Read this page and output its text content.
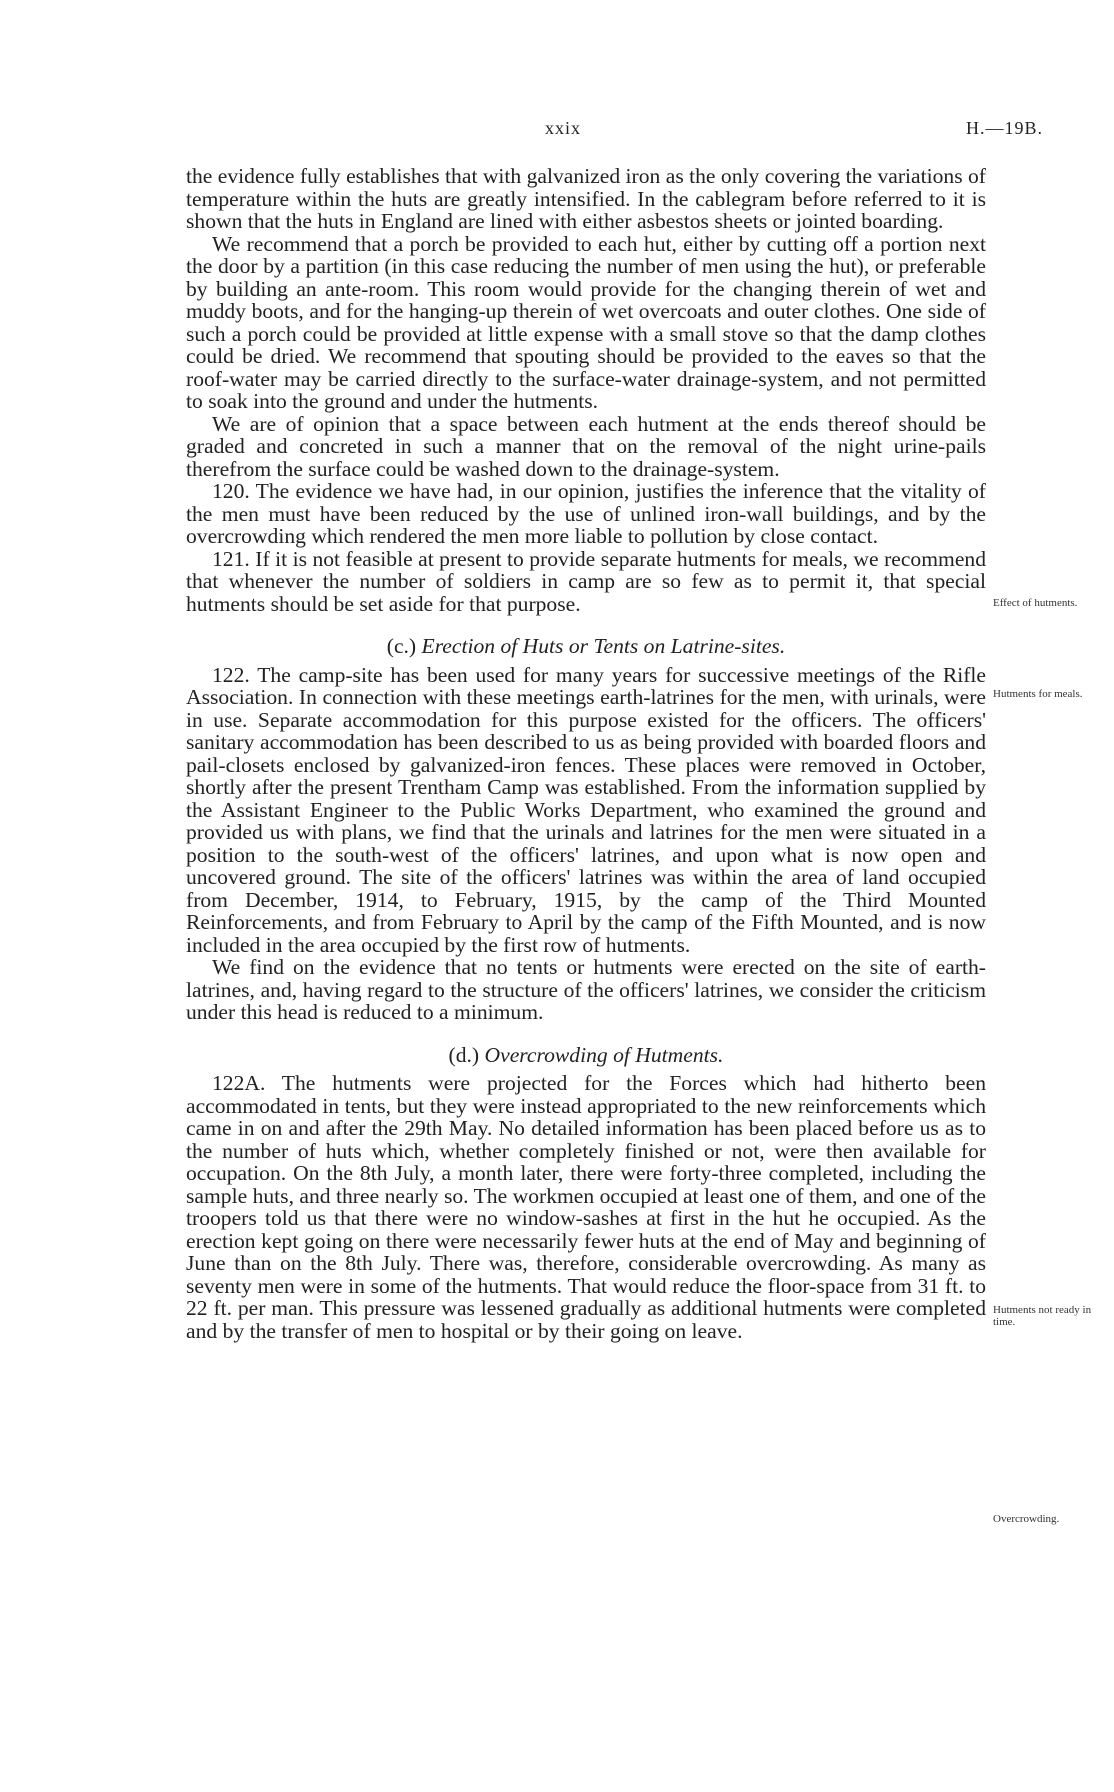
xxix	H.—19B.

the evidence fully establishes that with galvanized iron as the only covering the variations of temperature within the huts are greatly intensified. In the cablegram before referred to it is shown that the huts in England are lined with either asbestos sheets or jointed boarding.

We recommend that a porch be provided to each hut, either by cutting off a portion next the door by a partition (in this case reducing the number of men using the hut), or preferable by building an ante-room. This room would provide for the changing therein of wet and muddy boots, and for the hanging-up therein of wet overcoats and outer clothes. One side of such a porch could be provided at little expense with a small stove so that the damp clothes could be dried. We recommend that spouting should be provided to the eaves so that the roof-water may be carried directly to the surface-water drainage-system, and not permitted to soak into the ground and under the hutments.

We are of opinion that a space between each hutment at the ends thereof should be graded and concreted in such a manner that on the removal of the night urine-pails therefrom the surface could be washed down to the drainage-system.

120. The evidence we have had, in our opinion, justifies the inference that the vitality of the men must have been reduced by the use of unlined iron-wall buildings, and by the overcrowding which rendered the men more liable to pollution by close contact.

121. If it is not feasible at present to provide separate hutments for meals, we recommend that whenever the number of soldiers in camp are so few as to permit it, that special hutments should be set aside for that purpose.

(c.) Erection of Huts or Tents on Latrine-sites.

122. The camp-site has been used for many years for successive meetings of the Rifle Association. In connection with these meetings earth-latrines for the men, with urinals, were in use. Separate accommodation for this purpose existed for the officers. The officers' sanitary accommodation has been described to us as being provided with boarded floors and pail-closets enclosed by galvanized-iron fences. These places were removed in October, shortly after the present Trentham Camp was established. From the information supplied by the Assistant Engineer to the Public Works Department, who examined the ground and provided us with plans, we find that the urinals and latrines for the men were situated in a position to the south-west of the officers' latrines, and upon what is now open and uncovered ground. The site of the officers' latrines was within the area of land occupied from December, 1914, to February, 1915, by the camp of the Third Mounted Reinforcements, and from February to April by the camp of the Fifth Mounted, and is now included in the area occupied by the first row of hutments.

We find on the evidence that no tents or hutments were erected on the site of earth-latrines, and, having regard to the structure of the officers' latrines, we consider the criticism under this head is reduced to a minimum.

(d.) Overcrowding of Hutments.

122A. The hutments were projected for the Forces which had hitherto been accommodated in tents, but they were instead appropriated to the new reinforcements which came in on and after the 29th May. No detailed information has been placed before us as to the number of huts which, whether completely finished or not, were then available for occupation. On the 8th July, a month later, there were forty-three completed, including the sample huts, and three nearly so. The workmen occupied at least one of them, and one of the troopers told us that there were no window-sashes at first in the hut he occupied. As the erection kept going on there were necessarily fewer huts at the end of May and beginning of June than on the 8th July. There was, therefore, considerable overcrowding. As many as seventy men were in some of the hutments. That would reduce the floor-space from 31 ft. to 22 ft. per man. This pressure was lessened gradually as additional hutments were completed and by the transfer of men to hospital or by their going on leave.

Effect of hutments.
Hutments for meals.
Hutments not ready in time.
Overcrowding.
